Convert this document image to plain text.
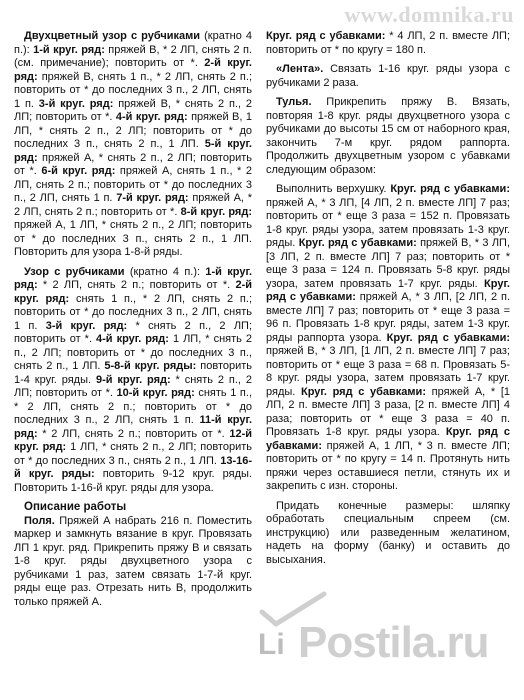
www.domnika.ru

Двухцветный узор с рубчиками (кратно 4 п.): 1-й круг. ряд: пряжей В, * 2 ЛП, снять 2 п. (см. примечание); повторить от *. 2-й круг. ряд: пряжей В, снять 1 п., * 2 ЛП, снять 2 п.; повторить от * до последних 3 п., 2 ЛП, снять 1 п. 3-й круг. ряд: пряжей В, * снять 2 п., 2 ЛП; повторить от *. 4-й круг. ряд: пряжей В, 1 ЛП, * снять 2 п., 2 ЛП; повторить от * до последних 3 п., снять 2 п., 1 ЛП. 5-й круг. ряд: пряжей А, * снять 2 п., 2 ЛП; повторить от *. 6-й круг. ряд: пряжей А, снять 1 п., * 2 ЛП, снять 2 п.; повторить от * до последних 3 п., 2 ЛП, снять 1 п. 7-й круг. ряд: пряжей А, * 2 ЛП, снять 2 п.; повторить от *. 8-й круг. ряд: пряжей А, 1 ЛП, * снять 2 п., 2 ЛП; повторить от * до последних 3 п., снять 2 п., 1 ЛП. Повторить для узора 1-8-й ряды.

Узор с рубчиками (кратно 4 п.): 1-й круг. ряд: * 2 ЛП, снять 2 п.; повторить от *. 2-й круг. ряд: снять 1 п., * 2 ЛП, снять 2 п.; повторить от * до последних 3 п., 2 ЛП, снять 1 п. 3-й круг. ряд: * снять 2 п., 2 ЛП; повторить от *. 4-й круг. ряд: 1 ЛП, * снять 2 п., 2 ЛП; повторить от * до последних 3 п., снять 2 п., 1 ЛП. 5-8-й круг. ряды: повторить 1-4 круг. ряды. 9-й круг. ряд: * снять 2 п., 2 ЛП; повторить от *. 10-й круг. ряд: снять 1 п., * 2 ЛП, снять 2 п.; повторить от * до последних 3 п., 2 ЛП, снять 1 п. 11-й круг. ряд: * 2 ЛП, снять 2 п.; повторить от *. 12-й круг. ряд: 1 ЛП, * снять 2 п., 2 ЛП; повторить от * до последних 3 п., снять 2 п., 1 ЛП. 13-16-й круг. ряды: повторить 9-12 круг. ряды. Повторить 1-16-й круг. ряды для узора.

Описание работы

Поля. Пряжей А набрать 216 п. Поместить маркер и замкнуть вязание в круг. Провязать ЛП 1 круг. ряд. Прикрепить пряжу В и связать 1-8 круг. ряды двухцветного узора с рубчиками 1 раз, затем связать 1-7-й круг. ряды еще раз. Отрезать нить В, продолжить только пряжей А.

Круг. ряд с убавками: * 4 ЛП, 2 п. вместе ЛП; повторить от * по кругу = 180 п.

«Лента». Связать 1-16 круг. ряды узора с рубчиками 2 раза.

Тулья. Прикрепить пряжу В. Вязать, повторяя 1-8 круг. ряды двухцветного узора с рубчиками до высоты 15 см от наборного края, закончить 7-м круг. рядом раппорта. Продолжить двухцветным узором с убавками следующим образом:

Выполнить верхушку. Круг. ряд с убавками: пряжей А, * 3 ЛП, [4 ЛП, 2 п. вместе ЛП] 7 раз; повторить от * еще 3 раза = 152 п. Провязать 1-8 круг. ряды узора, затем провязать 1-3 круг. ряды. Круг. ряд с убавками: пряжей В, * 3 ЛП, [3 ЛП, 2 п. вместе ЛП] 7 раз; повторить от * еще 3 раза = 124 п. Провязать 5-8 круг. ряды узора, затем провязать 1-7 круг. ряды. Круг. ряд с убавками: пряжей А, * 3 ЛП, [2 ЛП, 2 п. вместе ЛП] 7 раз; повторить от * еще 3 раза = 96 п. Провязать 1-8 круг. ряды, затем 1-3 круг. ряды раппорта узора. Круг. ряд с убавками: пряжей В, * 3 ЛП, [1 ЛП, 2 п. вместе ЛП] 7 раз; повторить от * еще 3 раза = 68 п. Провязать 5-8 круг. ряды узора, затем провязать 1-7 круг. ряды. Круг. ряд с убавками: пряжей А, * [1 ЛП, 2 п. вместе ЛП] 3 раза, [2 п. вместе ЛП] 4 раза; повторить от * еще 3 раза = 40 п. Провязать 1-8 круг. ряды узора. Круг. ряд с убавками: пряжей А, 1 ЛП, * 3 п. вместе ЛП; повторить от * по кругу = 14 п. Протянуть нить пряжи через оставшиеся петли, стянуть их и закрепить с изн. стороны.

Придать конечные размеры: шляпку обработать специальным спреем (см. инструкцию) или разведенным желатином, надеть на форму (банку) и оставить до высыхания.

Li Postila.ru
